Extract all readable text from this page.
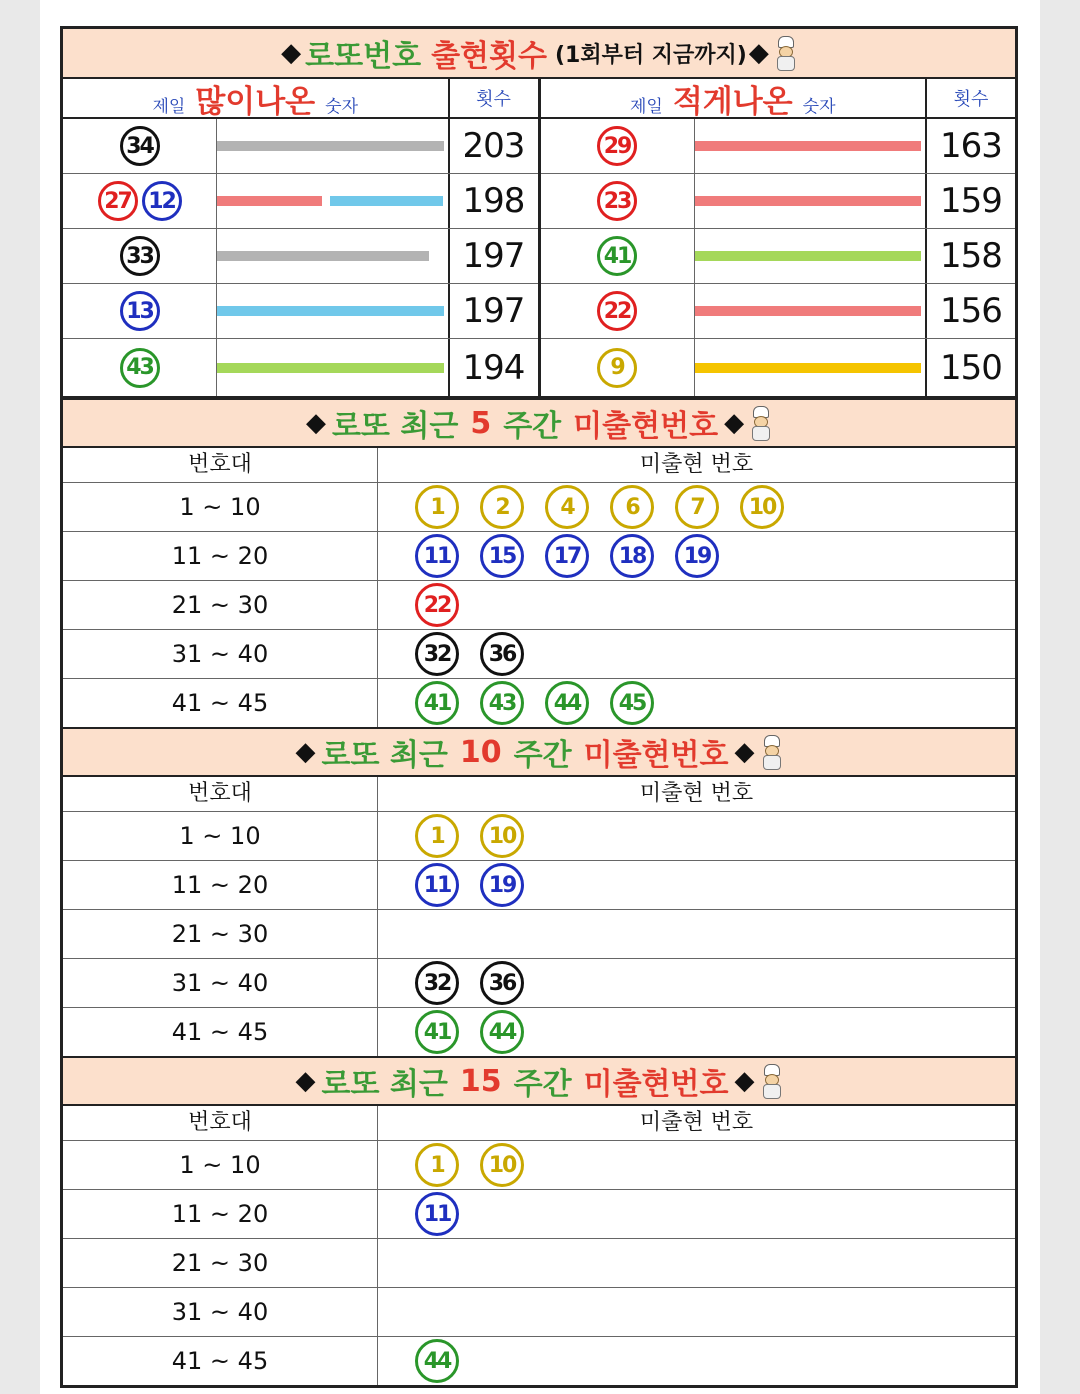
◆ 로또번호 출현횟수 (1회부터 지금까지) ◆
제일 많이나온 숫자	횟수
34	203
27 12	198
33	197
13	197
43	194
제일 적게나온 숫자	횟수
29	163
23	159
41	158
22	156
9	150
◆ 로또 최근 5 주간 미출현번호 ◆
번호대	미출현 번호
1 ~ 10	1	2	4	6	7	10
11 ~ 20	11	15	17	18	19
21 ~ 30	22
31 ~ 40	32	36
41 ~ 45	41	43	44	45
◆ 로또 최근 10 주간 미출현번호 ◆
번호대	미출현 번호
1 ~ 10	1	10
11 ~ 20	11	19
21 ~ 30
31 ~ 40	32	36
41 ~ 45	41	44
◆ 로또 최근 15 주간 미출현번호 ◆
번호대	미출현 번호
1 ~ 10	1	10
11 ~ 20	11
21 ~ 30
31 ~ 40
41 ~ 45	44
